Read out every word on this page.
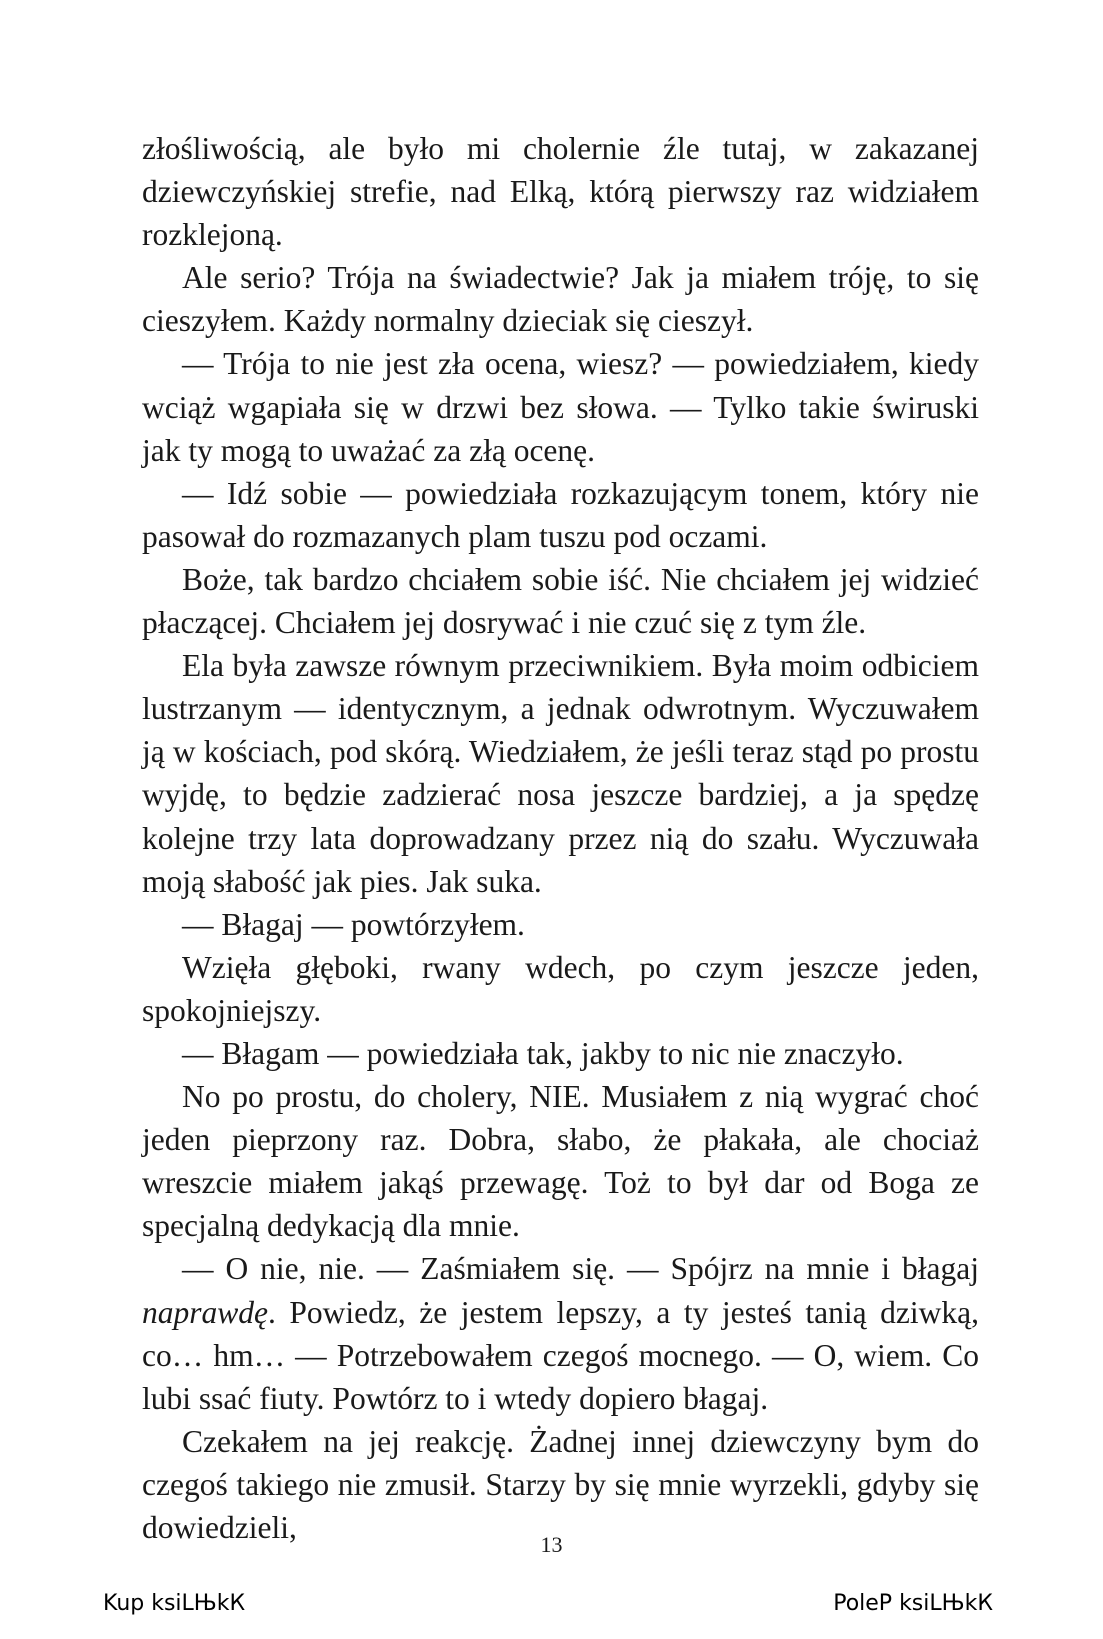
złośliwością, ale było mi cholernie źle tutaj, w zakazanej dziewczyńskiej strefie, nad Elką, którą pierwszy raz widziałem rozklejoną.

Ale serio? Trója na świadectwie? Jak ja miałem tróję, to się cieszyłem. Każdy normalny dzieciak się cieszył.

— Trója to nie jest zła ocena, wiesz? — powiedziałem, kiedy wciąż wgapiała się w drzwi bez słowa. — Tylko takie świruski jak ty mogą to uważać za złą ocenę.

— Idź sobie — powiedziała rozkazującym tonem, który nie pasował do rozmazanych plam tuszu pod oczami.

Boże, tak bardzo chciałem sobie iść. Nie chciałem jej widzieć płaczącej. Chciałem jej dosrywać i nie czuć się z tym źle.

Ela była zawsze równym przeciwnikiem. Była moim odbiciem lustrzanym — identycznym, a jednak odwrotnym. Wyczuwałem ją w kościach, pod skórą. Wiedziałem, że jeśli teraz stąd po prostu wyjdę, to będzie zadzierać nosa jeszcze bardziej, a ja spędzę kolejne trzy lata doprowadzany przez nią do szału. Wyczuwała moją słabość jak pies. Jak suka.

— Błagaj — powtórzyłem.

Wzięła głęboki, rwany wdech, po czym jeszcze jeden, spokojniejszy.

— Błagam — powiedziała tak, jakby to nic nie znaczyło.

No po prostu, do cholery, NIE. Musiałem z nią wygrać choć jeden pieprzony raz. Dobra, słabo, że płakała, ale chociaż wreszcie miałem jakąś przewagę. Toż to był dar od Boga ze specjalną dedykacją dla mnie.

— O nie, nie. — Zaśmiałem się. — Spójrz na mnie i błagaj naprawdę. Powiedz, że jestem lepszy, a ty jesteś tanią dziwką, co… hm… — Potrzebowałem czegoś mocnego. — O, wiem. Co lubi ssać fiuty. Powtórz to i wtedy dopiero błagaj.

Czekałem na jej reakcję. Żadnej innej dziewczyny bym do czegoś takiego nie zmusił. Starzy by się mnie wyrzekli, gdyby się dowiedzieli,	13
Kup ksiLЊkК	PoleР ksiLЊkК
